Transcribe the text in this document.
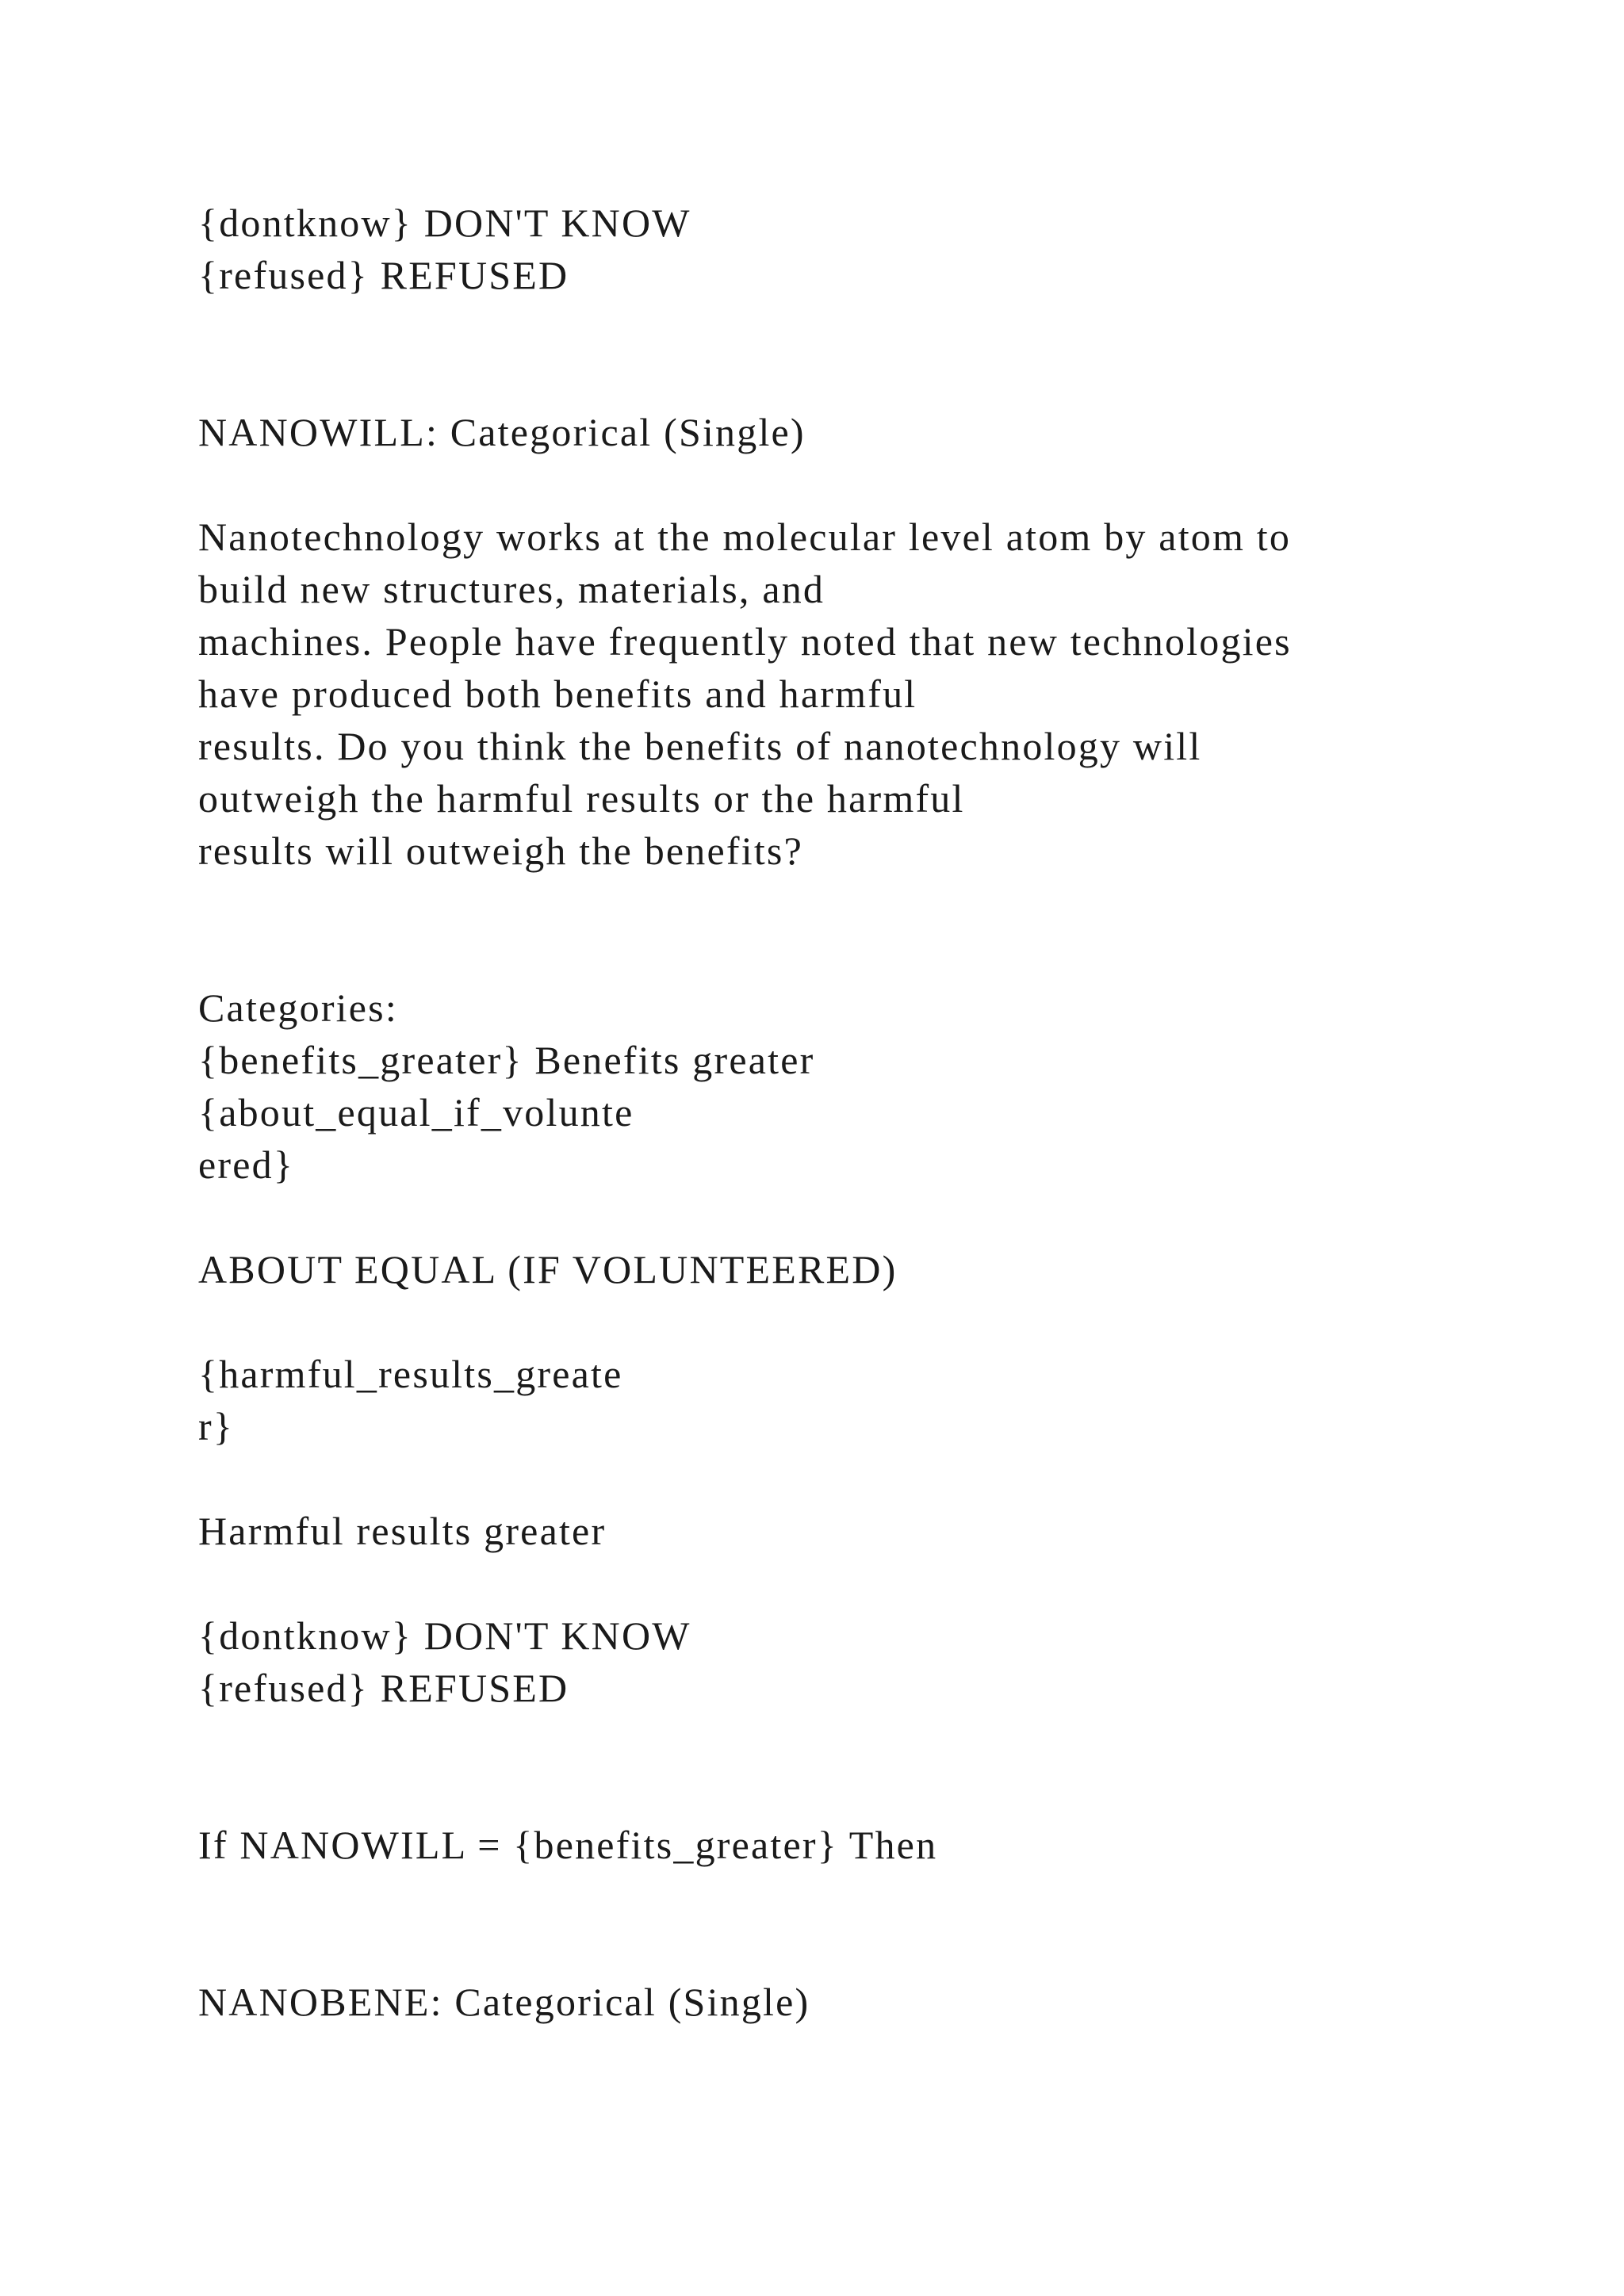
{dontknow} DON'T KNOW
{refused} REFUSED
NANOWILL: Categorical (Single)
Nanotechnology works at the molecular level atom by atom to
build new structures, materials, and
machines. People have frequently noted that new technologies
have produced both benefits and harmful
results. Do you think the benefits of nanotechnology will
outweigh the harmful results or the harmful
results will outweigh the benefits?
Categories:
{benefits_greater} Benefits greater
{about_equal_if_volunte
ered}
ABOUT EQUAL (IF VOLUNTEERED)
{harmful_results_greate
r}
Harmful results greater
{dontknow} DON'T KNOW
{refused} REFUSED
If NANOWILL = {benefits_greater} Then
NANOBENE: Categorical (Single)
